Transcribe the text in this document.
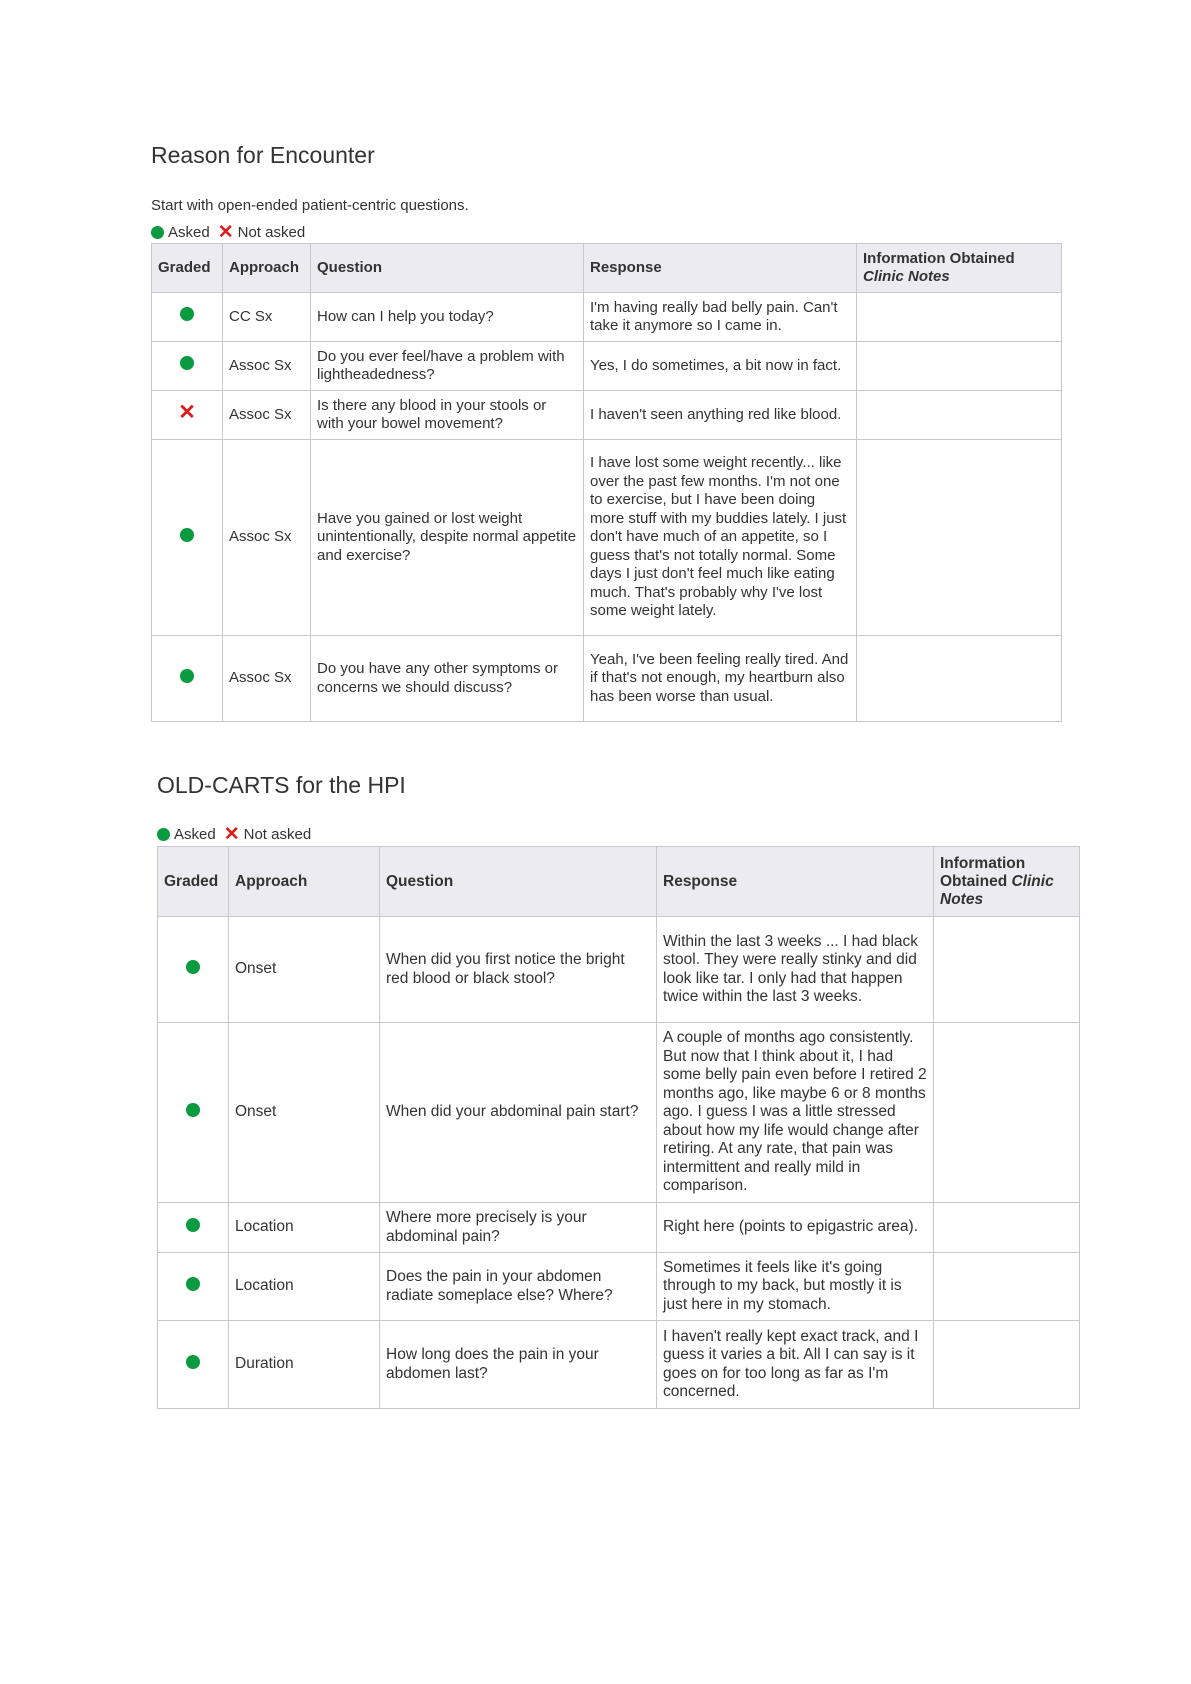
Reason for Encounter
Start with open-ended patient-centric questions.
Asked ✕ Not asked
Graded	Approach	Question	Response	Information Obtained
Clinic Notes

	CC Sx	How can I help you today?	I'm having really bad belly pain. Can't take it anymore so I came in.	
	Assoc Sx	Do you ever feel/have a problem with lightheadedness?	Yes, I do sometimes, a bit now in fact.	
✕	Assoc Sx	Is there any blood in your stools or with your bowel movement?	I haven't seen anything red like blood.	
	Assoc Sx	Have you gained or lost weight unintentionally, despite normal appetite and exercise?	I have lost some weight recently... like over the past few months. I'm not one to exercise, but I have been doing more stuff with my buddies lately. I just don't have much of an appetite, so I guess that's not totally normal. Some days I just don't feel much like eating much. That's probably why I've lost some weight lately.	
	Assoc Sx	Do you have any other symptoms or concerns we should discuss?	Yeah, I've been feeling really tired. And if that's not enough, my heartburn also has been worse than usual.	
OLD-CARTS for the HPI
Asked ✕ Not asked
Graded	Approach	Question	Response	Information Obtained Clinic Notes
	Onset	When did you first notice the bright red blood or black stool?	Within the last 3 weeks ... I had black stool. They were really stinky and did look like tar. I only had that happen twice within the last 3 weeks.	
	Onset	When did your abdominal pain start?	A couple of months ago consistently. But now that I think about it, I had some belly pain even before I retired 2 months ago, like maybe 6 or 8 months ago. I guess I was a little stressed about how my life would change after retiring. At any rate, that pain was intermittent and really mild in comparison.	
	Location	Where more precisely is your abdominal pain?	Right here (points to epigastric area).	
	Location	Does the pain in your abdomen radiate someplace else? Where?	Sometimes it feels like it's going through to my back, but mostly it is just here in my stomach.	
	Duration	How long does the pain in your abdomen last?	I haven't really kept exact track, and I guess it varies a bit. All I can say is it goes on for too long as far as I'm concerned.	
